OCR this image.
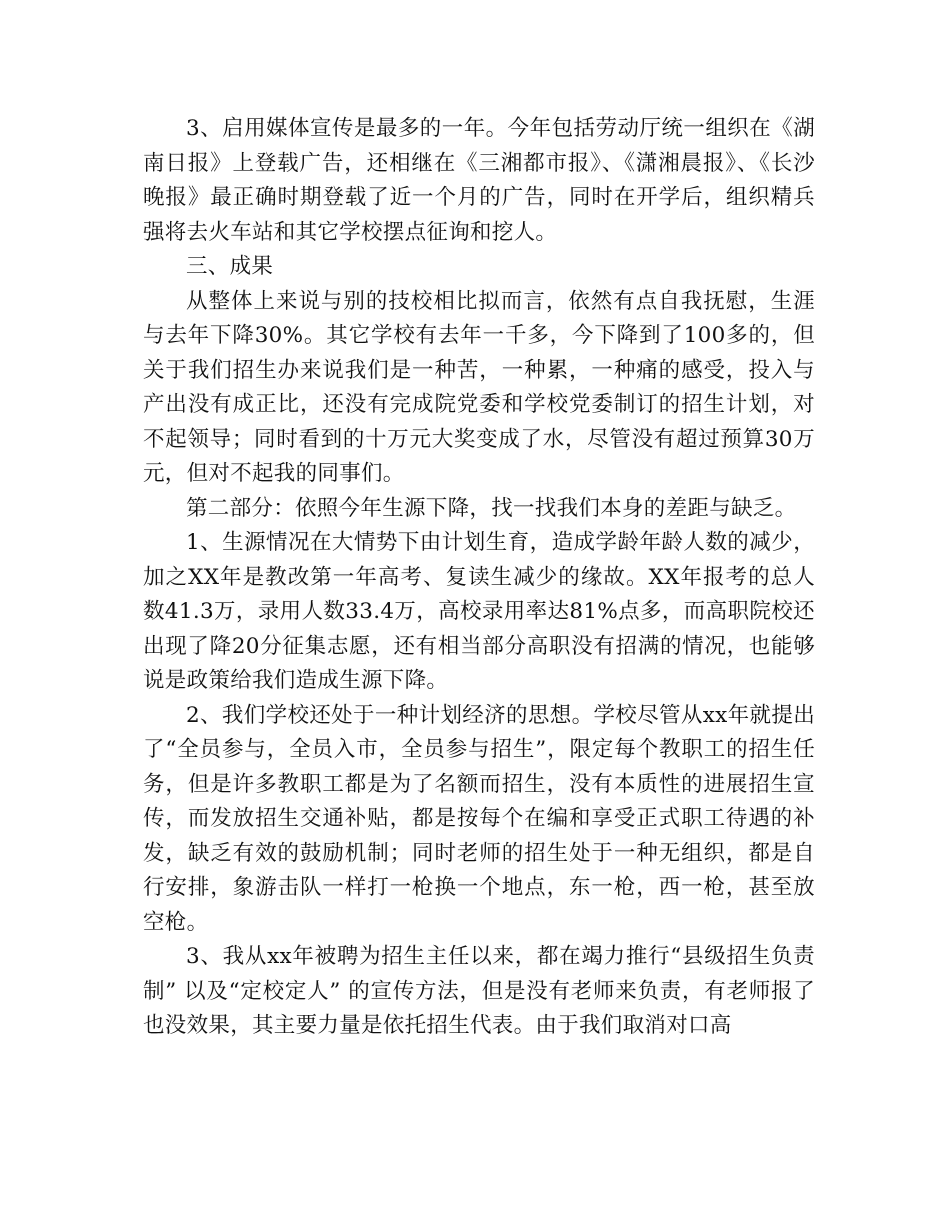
3、启用媒体宣传是最多的一年。今年包括劳动厅统一组织在《湖南日报》上登载广告，还相继在《三湘都市报》、《潇湘晨报》、《长沙晚报》最正确时期登载了近一个月的广告，同时在开学后，组织精兵强将去火车站和其它学校摆点征询和挖人。

三、成果

从整体上来说与别的技校相比拟而言，依然有点自我抚慰，生涯与去年下降30%。其它学校有去年一千多，今下降到了100多的，但关于我们招生办来说我们是一种苦，一种累，一种痛的感受，投入与产出没有成正比，还没有完成院党委和学校党委制订的招生计划，对不起领导；同时看到的十万元大奖变成了水，尽管没有超过预算30万元，但对不起我的同事们。

第二部分：依照今年生源下降，找一找我们本身的差距与缺乏。

1、生源情况在大情势下由计划生育，造成学龄年龄人数的减少，加之XX年是教改第一年高考、复读生减少的缘故。XX年报考的总人数41.3万，录用人数33.4万，高校录用率达81%点多，而高职院校还出现了降20分征集志愿，还有相当部分高职没有招满的情况，也能够说是政策给我们造成生源下降。

2、我们学校还处于一种计划经济的思想。学校尽管从xx年就提出了“全员参与，全员入市，全员参与招生”，限定每个教职工的招生任务，但是许多教职工都是为了名额而招生，没有本质性的进展招生宣传，而发放招生交通补贴，都是按每个在编和享受正式职工待遇的补发，缺乏有效的鼓励机制；同时老师的招生处于一种无组织，都是自行安排，象游击队一样打一枪换一个地点，东一枪，西一枪，甚至放空枪。

3、我从xx年被聘为招生主任以来，都在竭力推行“县级招生负责制” 以及“定校定人” 的宣传方法，但是没有老师来负责，有老师报了也没效果，其主要力量是依托招生代表。由于我们取消对口高
